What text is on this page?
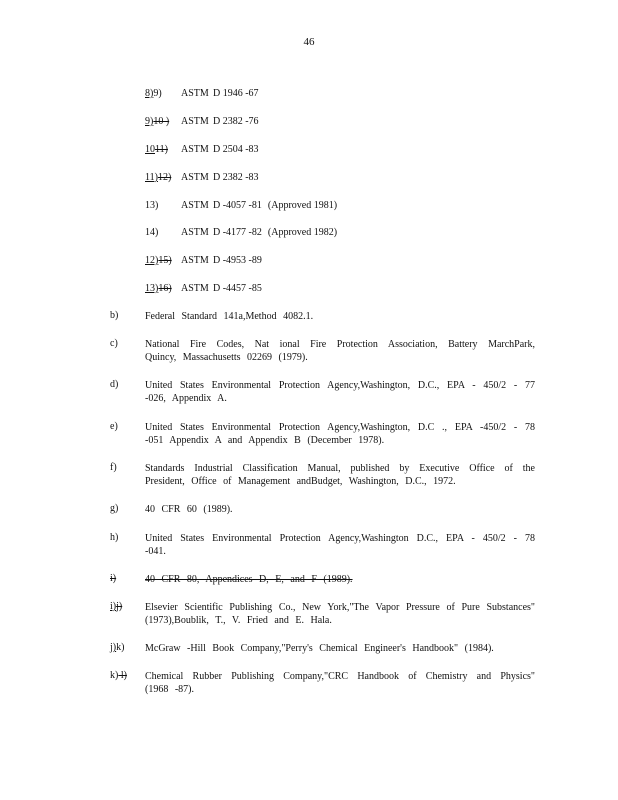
46
8)9) ASTM D 1946 -67
9)10 ) ASTM D 2382 -76
1011) ASTM D 2504 -83
11)12) ASTM D 2382 -83
13) ASTM D -4057 -81 (Approved 1981)
14) ASTM D -4177 -82 (Approved 1982)
12)15) ASTM D -4953 -89
13)16) ASTM D -4457 -85
b)	Federal Standard 141a,Method 4082.1.
c)	National Fire Codes, Nat ional Fire Protection Association, Battery MarchPark, Quincy, Massachusetts 02269 (1979).
d)	United States Environmental Protection Agency,Washington, D.C., EPA - 450/2 - 77 -026, Appendix A.
e)	United States Environmental Protection Agency,Washington, D.C ., EPA -450/2 - 78 -051 Appendix A and Appendix B (December 1978).
f)	Standards Industrial Classification Manual, published by Executive Office of the President, Office of Management andBudget, Washington, D.C., 1972.
g)	40 CFR 60 (1989).
h)	United States Environmental Protection Agency,Washington D.C., EPA - 450/2 - 78 -041.
i)	40 CFR 80, Appendices D, E, and F (1989).
i)j) Elsevier Scientific Publishing Co., New York,"The Vapor Pressure of Pure Substances" (1973),Boublik, T., V. Fried and E. Hala.
j)k) McGraw -Hill Book Company,"Perry's Chemical Engineer's Handbook" (1984).
k) l) Chemical Rubber Publishing Company,"CRC Handbook of Chemistry and Physics" (1968 -87).
